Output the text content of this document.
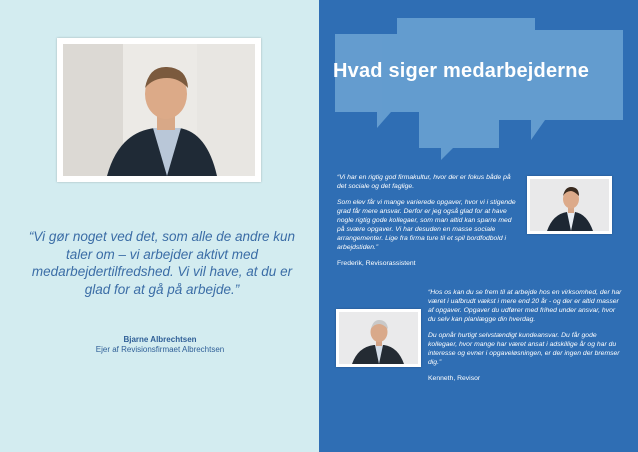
“Vi gør noget ved det, som alle de andre kun taler om – vi arbejder aktivt med medarbejdertilfredshed. Vi vil have, at du er glad for at gå på arbejde.”
Bjarne Albrechtsen
Ejer af Revisionsfirmaet Albrechtsen
Hvad siger medarbejderne

“Vi har en rigtig god firmakultur, hvor der er fokus både på det sociale og det faglige.

Som elev får vi mange varierede opgaver, hvor vi i stigende grad får mere ansvar. Derfor er jeg også glad for at have nogle rigtig gode kollegaer, som man altid kan sparre med på svære opgaver. Vi har desuden en masse sociale arrangementer. Lige fra firma ture til et spil bordfodbold i arbejdstiden.”

Frederik, Revisorassistent

“Hos os kan du se frem til at arbejde hos en virksomhed, der har været i uafbrudt vækst i mere end 20 år - og der er altid masser af opgaver. Opgaver du udfører med frihed under ansvar, hvor du selv kan planlægge din hverdag.

Du opnår hurtigt selvstændigt kundeansvar. Du får gode kollegaer, hvor mange har været ansat i adskillige år og har du interesse og evner i opgaveløsningen, er der ingen der bremser dig.”

Kenneth, Revisor
